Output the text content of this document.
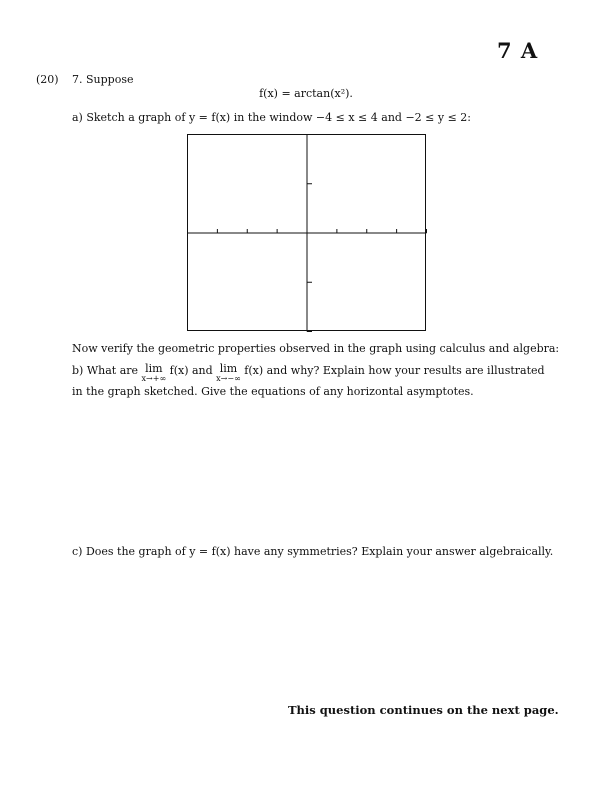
7 A
(20) 7. Suppose
f(x) = arctan(x²).
a) Sketch a graph of y = f(x) in the window −4 ≤ x ≤ 4 and −2 ≤ y ≤ 2:
Now verify the geometric properties observed in the graph using calculus and algebra:
b) What are lim
x→+∞
f(x) and lim
x→−∞
f(x) and why? Explain how your results are illustrated
in the graph sketched. Give the equations of any horizontal asymptotes.
c) Does the graph of y = f(x) have any symmetries? Explain your answer algebraically.
This question continues on the next page.
